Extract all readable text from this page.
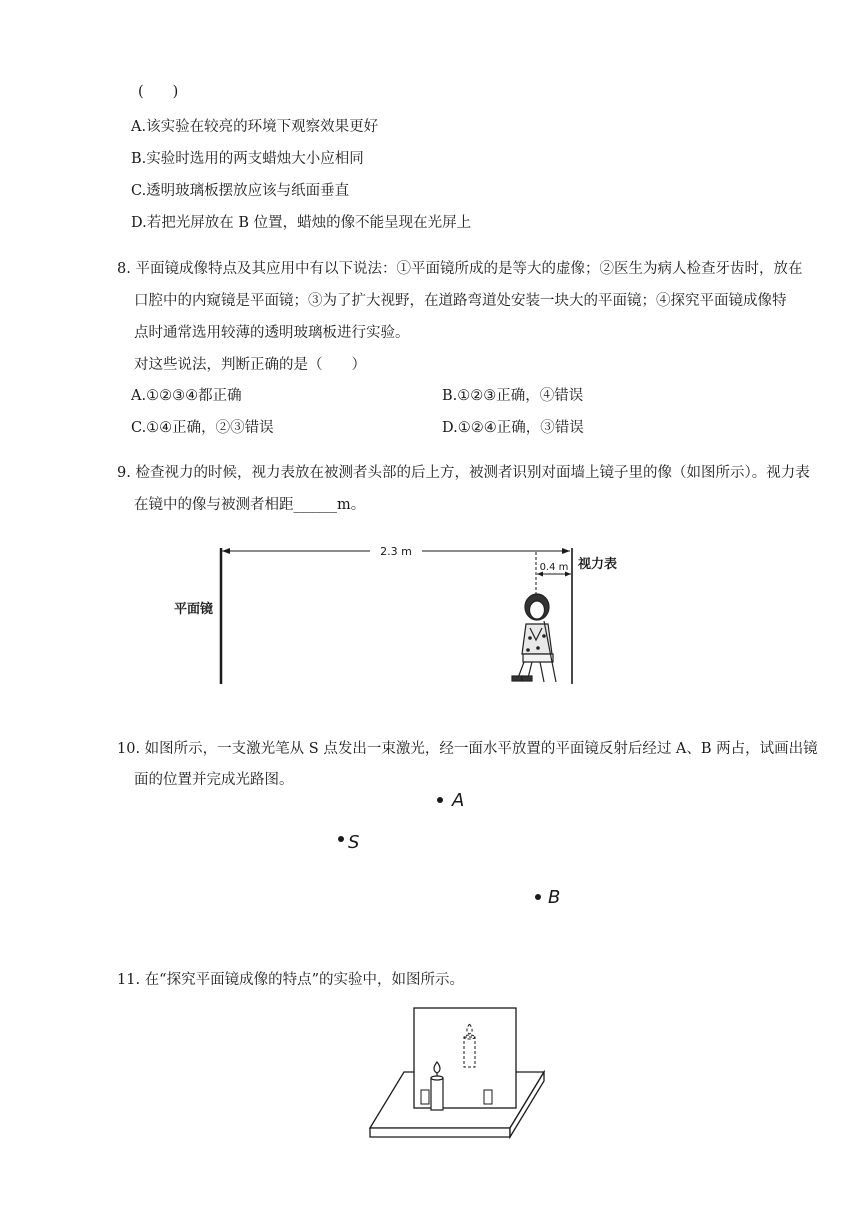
(　　)
A.该实验在较亮的环境下观察效果更好
B.实验时选用的两支蜡烛大小应相同
C.透明玻璃板摆放应该与纸面垂直
D.若把光屏放在 B 位置，蜡烛的像不能呈现在光屏上
8. 平面镜成像特点及其应用中有以下说法：①平面镜所成的是等大的虚像；②医生为病人检查牙齿时，放在
口腔中的内窥镜是平面镜；③为了扩大视野，在道路弯道处安装一块大的平面镜；④探究平面镜成像特
点时通常选用较薄的透明玻璃板进行实验。
对这些说法，判断正确的是（　　）
A.①②③④都正确	B.①②③正确，④错误
C.①④正确，②③错误	D.①②④正确，③错误
9. 检查视力的时候，视力表放在被测者头部的后上方，被测者识别对面墙上镜子里的像（如图所示）。视力表
在镜中的像与被测者相距______m。
2.3 m
0.4 m
平面镜
视力表
10. 如图所示，一支激光笔从 S 点发出一束激光，经一面水平放置的平面镜反射后经过 A、B 两占，试画出镜
面的位置并完成光路图。
A
S
B
11. 在“探究平面镜成像的特点”的实验中，如图所示。
